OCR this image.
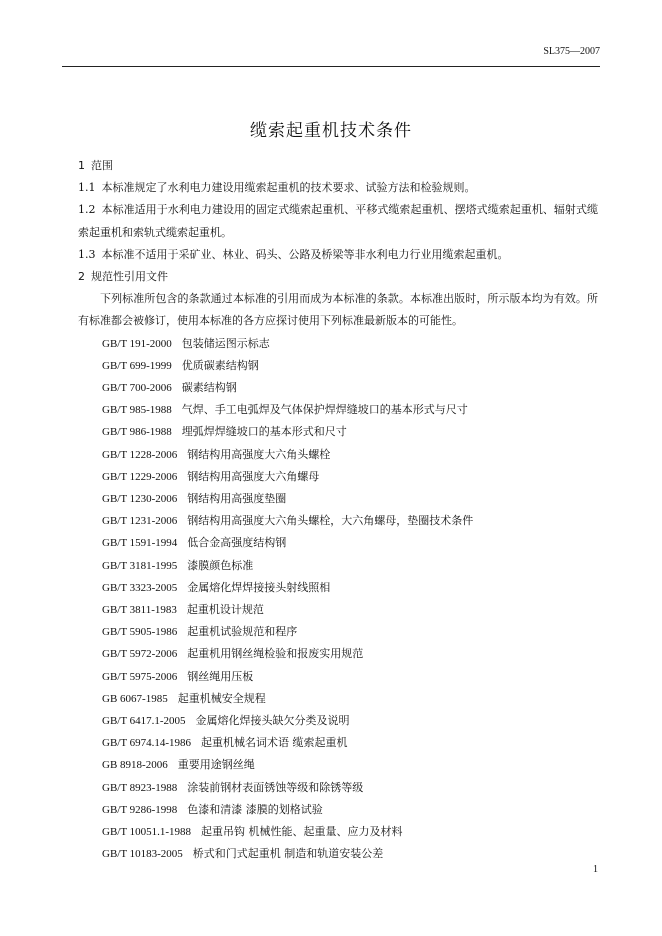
SL375—2007
缆索起重机技术条件
1 范围
1.1 本标准规定了水利电力建设用缆索起重机的技术要求、试验方法和检验规则。
1.2 本标准适用于水利电力建设用的固定式缆索起重机、平移式缆索起重机、摆塔式缆索起重机、辐射式缆索起重机和索轨式缆索起重机。
1.3 本标准不适用于采矿业、林业、码头、公路及桥梁等非水利电力行业用缆索起重机。
2 规范性引用文件
下列标准所包含的条款通过本标准的引用而成为本标准的条款。本标准出版时，所示版本均为有效。所有标准都会被修订，使用本标准的各方应探讨使用下列标准最新版本的可能性。
GB/T 191-2000 包装储运图示标志
GB/T 699-1999 优质碳素结构钢
GB/T 700-2006 碳素结构钢
GB/T 985-1988 气焊、手工电弧焊及气体保护焊焊缝坡口的基本形式与尺寸
GB/T 986-1988 埋弧焊焊缝坡口的基本形式和尺寸
GB/T 1228-2006 钢结构用高强度大六角头螺栓
GB/T 1229-2006 钢结构用高强度大六角螺母
GB/T 1230-2006 钢结构用高强度垫圈
GB/T 1231-2006 钢结构用高强度大六角头螺栓，大六角螺母，垫圈技术条件
GB/T 1591-1994 低合金高强度结构钢
GB/T 3181-1995 漆膜颜色标准
GB/T 3323-2005 金属熔化焊焊接接头射线照相
GB/T 3811-1983 起重机设计规范
GB/T 5905-1986 起重机试验规范和程序
GB/T 5972-2006 起重机用钢丝绳检验和报废实用规范
GB/T 5975-2006 钢丝绳用压板
GB 6067-1985 起重机械安全规程
GB/T 6417.1-2005 金属熔化焊接头缺欠分类及说明
GB/T 6974.14-1986 起重机械名词术语 缆索起重机
GB 8918-2006 重要用途钢丝绳
GB/T 8923-1988 涂装前钢材表面锈蚀等级和除锈等级
GB/T 9286-1998 色漆和清漆 漆膜的划格试验
GB/T 10051.1-1988 起重吊钩 机械性能、起重量、应力及材料
GB/T 10183-2005 桥式和门式起重机 制造和轨道安装公差
1
